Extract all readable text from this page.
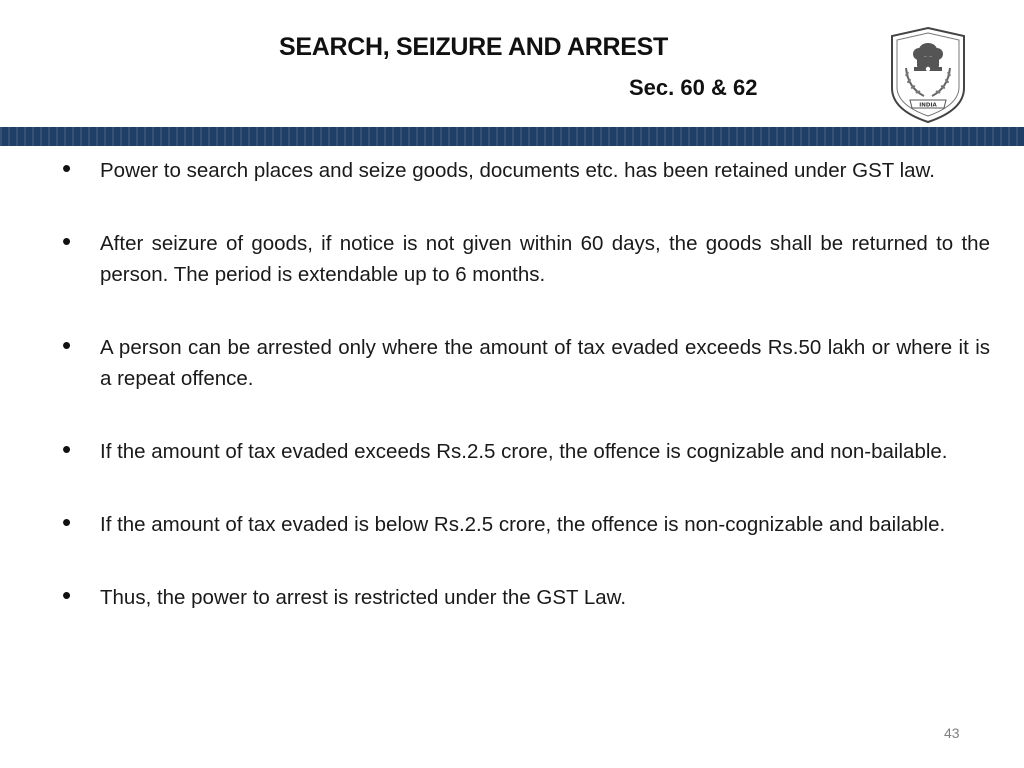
SEARCH, SEIZURE AND ARREST
Sec. 60 & 62
INDIA
• Power to search places and seize goods, documents etc. has been retained under GST law.
• After seizure of goods, if notice is not given within 60 days, the goods shall be returned to the person. The period is extendable up to 6 months.
• A person can be arrested only where the amount of tax evaded exceeds Rs.50 lakh or where it is a repeat offence.
• If the amount of tax evaded exceeds Rs.2.5 crore, the offence is cognizable and non-bailable.
• If the amount of tax evaded is below Rs.2.5 crore, the offence is non-cognizable and bailable.
• Thus, the power to arrest is restricted under the GST Law.
43
